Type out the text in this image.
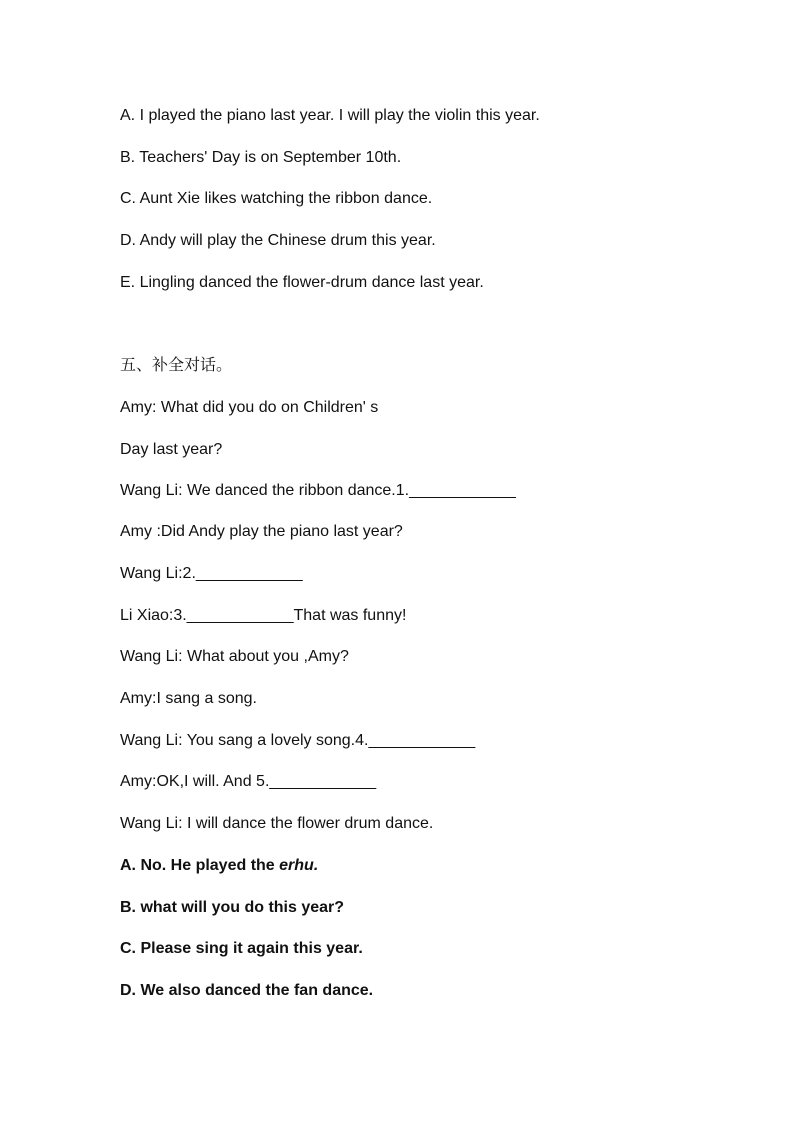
A. I played the piano last year. I will play the violin this year.
B. Teachers' Day is on September 10th.
C. Aunt Xie likes watching the ribbon dance.
D. Andy will play the Chinese drum this year.
E. Lingling danced the flower-drum dance last year.
五、补全对话。
Amy: What did you do on Children' s
Day last year?
Wang Li: We danced the ribbon dance.1.____________
Amy :Did Andy play the piano last year?
Wang Li:2.____________
Li Xiao:3.____________That was funny!
Wang Li: What about you ,Amy?
Amy:I sang a song.
Wang Li: You sang a lovely song.4.____________
Amy:OK,I will. And 5.____________
Wang Li: I will dance the flower drum dance.
A. No. He played the erhu.
B. what will you do this year?
C. Please sing it again this year.
D. We also danced the fan dance.
